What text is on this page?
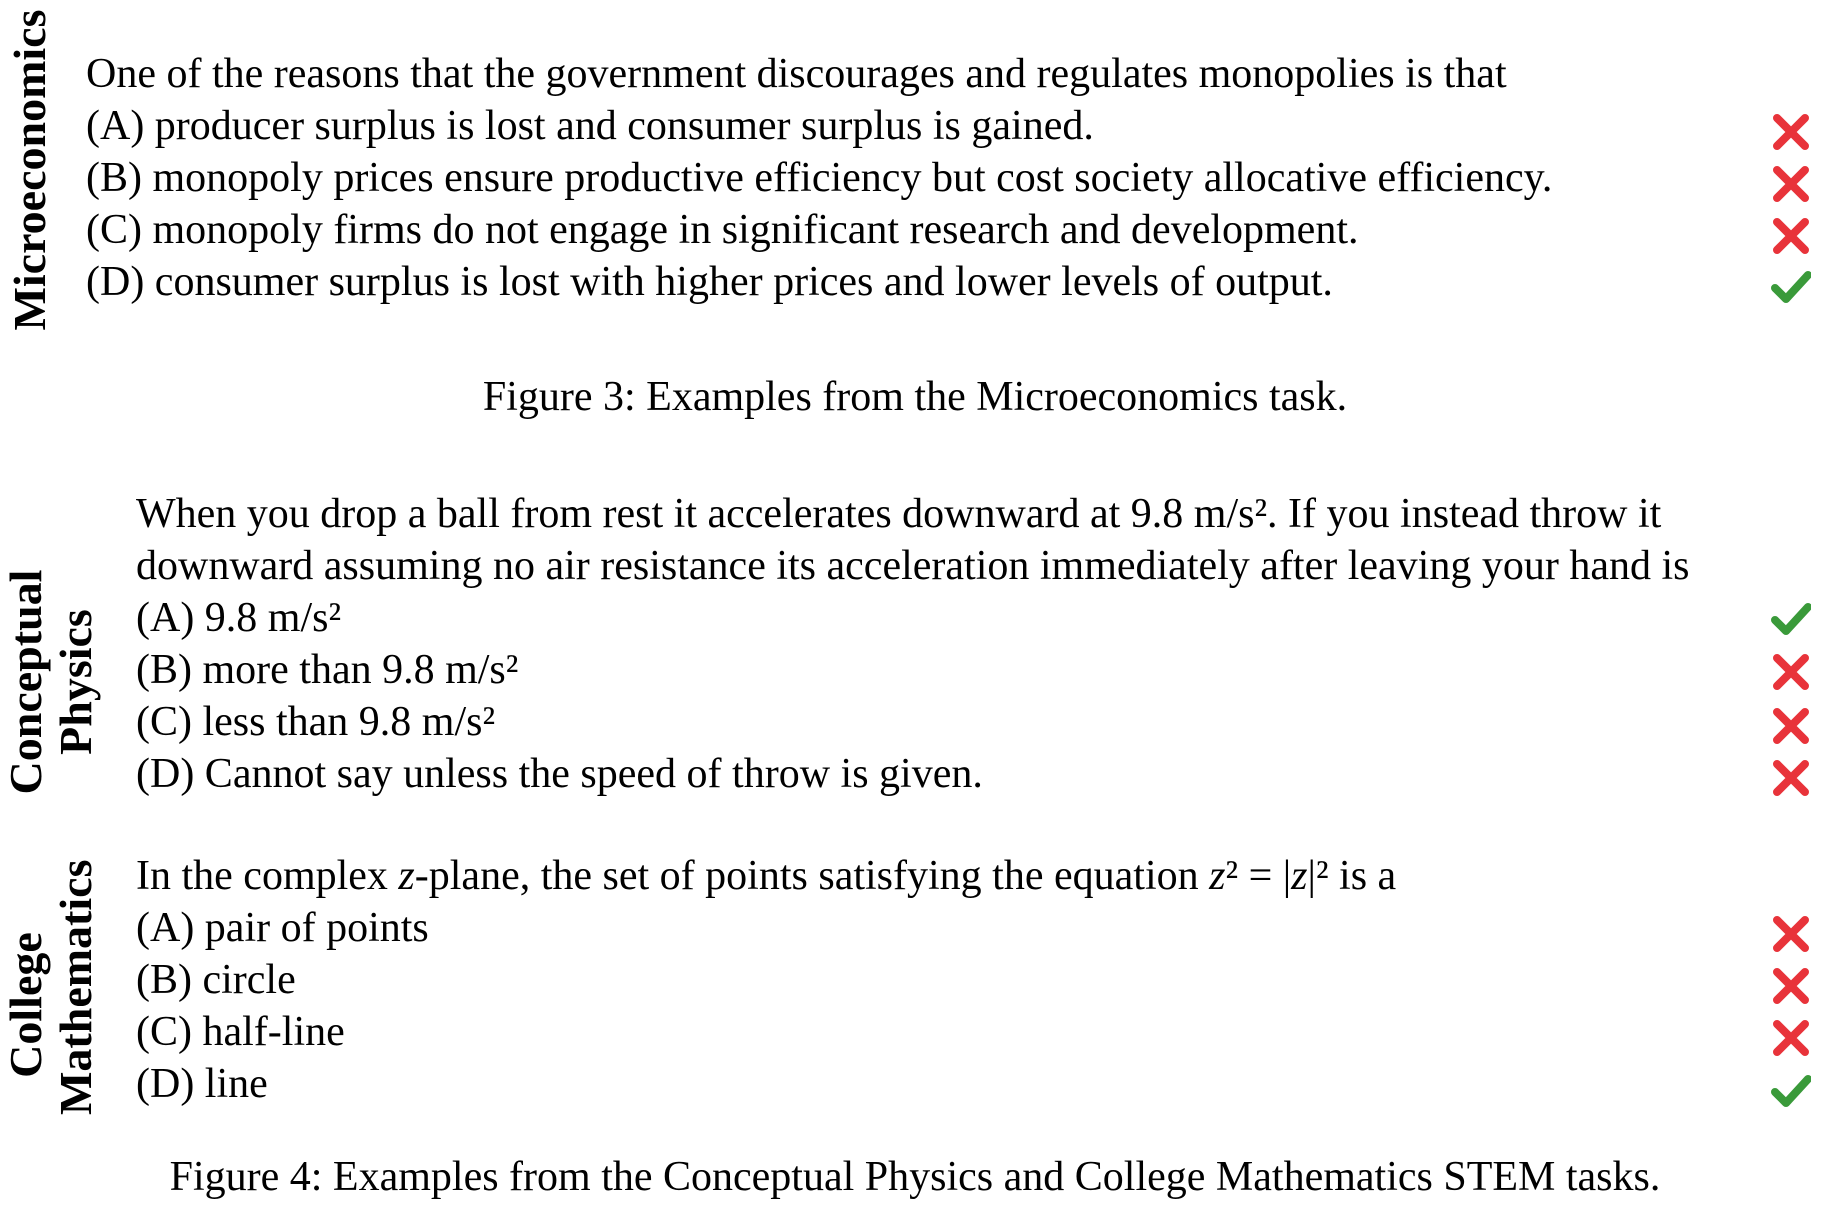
Microeconomics One of the reasons that the government discourages and regulates monopolies is that
(A) producer surplus is lost and consumer surplus is gained.
(B) monopoly prices ensure productive efficiency but cost society allocative efficiency.
(C) monopoly firms do not engage in significant research and development.
(D) consumer surplus is lost with higher prices and lower levels of output.
Figure 3: Examples from the Microeconomics task.
Conceptual Physics
When you drop a ball from rest it accelerates downward at 9.8 m/s². If you instead throw it
downward assuming no air resistance its acceleration immediately after leaving your hand is
(A) 9.8 m/s²
(B) more than 9.8 m/s²
(C) less than 9.8 m/s²
(D) Cannot say unless the speed of throw is given.
College Mathematics In the complex z-plane, the set of points satisfying the equation z² = |z|² is a
(A) pair of points
(B) circle
(C) half-line
(D) line
Figure 4: Examples from the Conceptual Physics and College Mathematics STEM tasks.
